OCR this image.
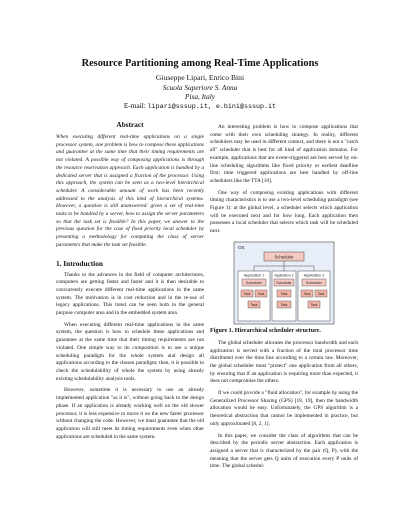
Resource Partitioning among Real-Time Applications
Giuseppe Lipari, Enrico Bini
Scuola Superiore S. Anna
Pisa, Italy
E-mail: lipari@sssup.it, e.bini@sssup.it
Abstract

When executing different real-time applications on a single processor system, one problem is how to compose these applications and guarantee at the same time that their timing requirements are not violated. A possible way of composing applications is through the resource reservation approach. Each application is handled by a dedicated server that is assigned a fraction of the processor. Using this approach, the system can be seen as a two-level hierarchical scheduler. A considerable amount of work has been recently addressed to the analysis of this kind of hierarchical systems. However, a question is still unanswered: given a set of real-time tasks to be handled by a server, how to assign the server parameters so that the task set is feasible? In this paper, we answer to the previous question for the case of fixed priority local scheduler by presenting a methodology for computing the class of server parameters that make the task set feasible.

1. Introduction

Thanks to the advances in the field of computer architectures, computers are getting faster and faster and it is then desirable to concurrently execute different real-time applications in the same system. The motivation is in cost reduction and in the re-use of legacy applications. This trend can be seen both in the general purpose computer area and in the embedded system area.

When executing different real-time applications in the same system, the question is how to schedule these applications and guarantee at the same time that their timing requirements are not violated. One simple way to do composition is to use a unique scheduling paradigm for the whole system and design all applications according to the chosen paradigm; then, it is possible to check the schedulability of whole the system by using already existing schedulability analysis tools.

However, sometime it is necessary to use an already implemented application "as it is", without going back to the design phase. If an application is already working well on the old slower processor, it is less expensive to move it on the new faster processor without changing the code. However, we must guarantee that the old application will still meet its timing requirements even when other applications are scheduled in the same system.

An interesting problem is how to compose applications that come with their own scheduling strategy. In reality, different schedulers may be used in different context, and there is not a "catch all" scheduler that is best for all kind of application domains. For example, applications that are event-triggered are best served by on-line scheduling algorithms like fixed priority or earliest deadline first; time triggered applications are best handled by off-line schedulers like the TTA [10].

One way of composing existing applications with different timing characteristics is to use a two-level scheduling paradigm (see Figure 1): at the global level, a scheduler selects which application will be executed next and for how long. Each application then possesses a local scheduler that selects which task will be scheduled next.

OS
Scheduler
Application 1
Scheduler
Task Task
Task
Application 2
Scheduler
Task
Task
Application 3
Scheduler
Task Task
Task
Figure 1. Hierarchical scheduler structure.

The global scheduler allocates the processor bandwidth and each application is served with a fraction of the total processor time distributed over the time line according to a certain law. Moreover, the global scheduler must "protect" one application from all others, by ensuring that if an application is requiring more than expected, it does not compromise the others.

If we could provide a "fluid allocation", for example by using the Generalized Processor Sharing (GPS) [18, 19], then the bandwidth allocation would be easy. Unfortunately, the GPS algorithm is a theoretical abstraction that cannot be implemented in practice, but only approximated [8, 2, 1].

In this paper, we consider the class of algorithms that can be described by the periodic server abstraction. Each application is assigned a server that is characterized by the pair (Q, P), with the meaning that the server gets Q units of execution every P units of time. The global schedul-
